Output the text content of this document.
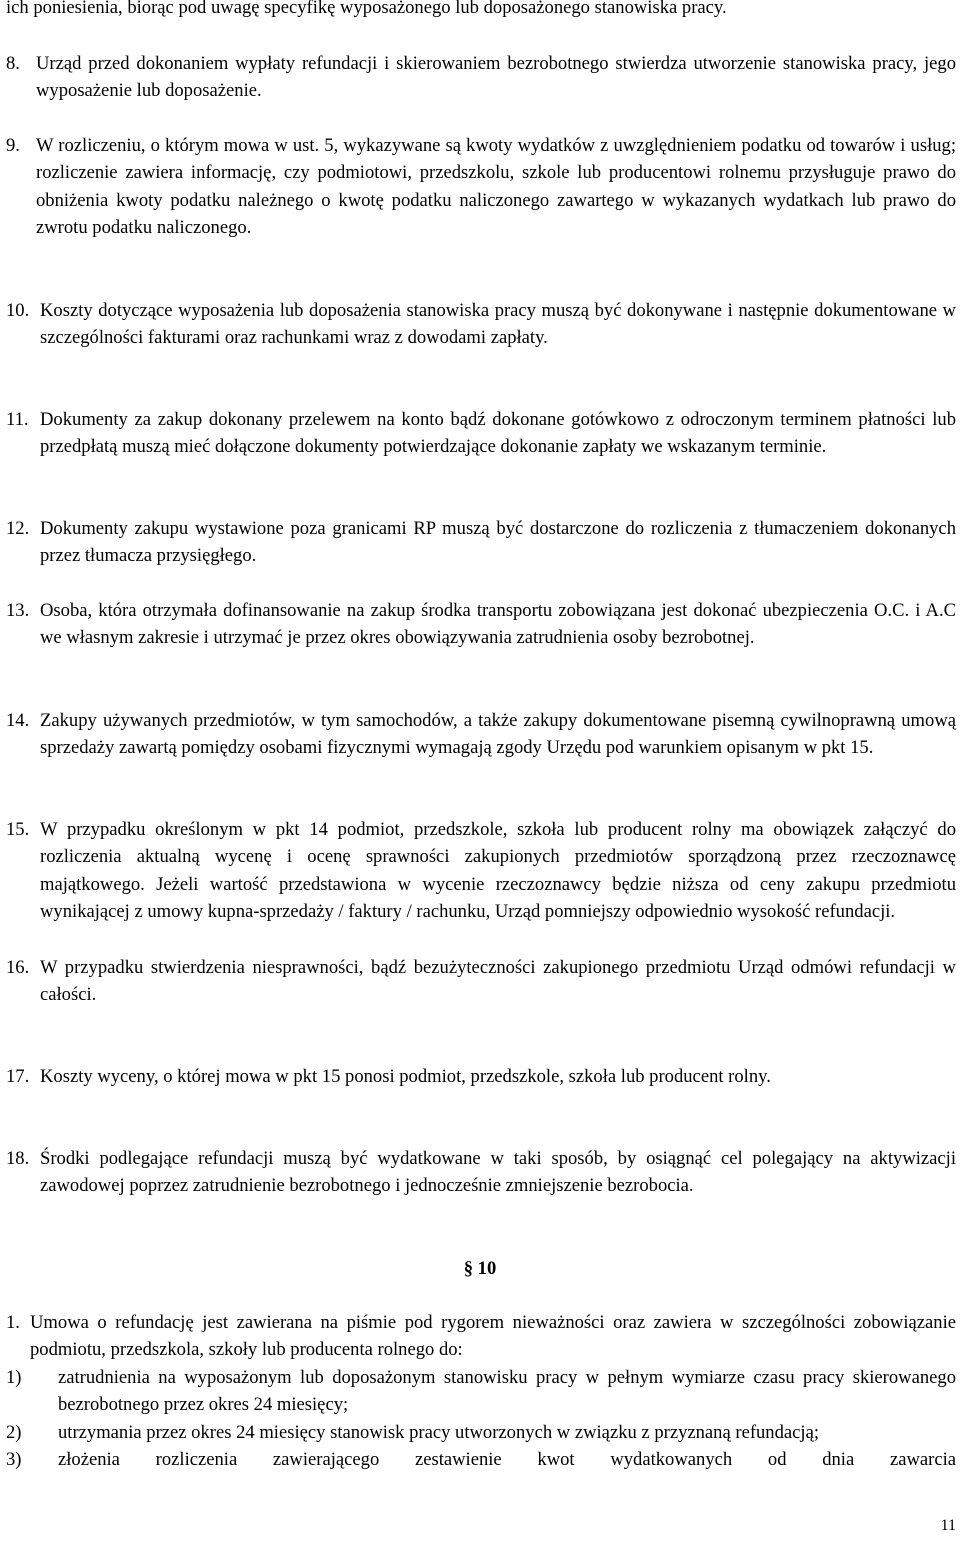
ich poniesienia, biorąc pod uwagę specyfikę wyposażonego lub doposażonego stanowiska pracy.
8. Urząd przed dokonaniem wypłaty refundacji i skierowaniem bezrobotnego stwierdza utworzenie stanowiska pracy, jego wyposażenie lub doposażenie.
9. W rozliczeniu, o którym mowa w ust. 5, wykazywane są kwoty wydatków z uwzględnieniem podatku od towarów i usług; rozliczenie zawiera informację, czy podmiotowi, przedszkolu, szkole lub producentowi rolnemu przysługuje prawo do obniżenia kwoty podatku należnego o kwotę podatku naliczonego zawartego w wykazanych wydatkach lub prawo do zwrotu podatku naliczonego.
10. Koszty dotyczące wyposażenia lub doposażenia stanowiska pracy muszą być dokonywane i następnie dokumentowane w szczególności fakturami oraz rachunkami wraz z dowodami zapłaty.
11. Dokumenty za zakup dokonany przelewem na konto bądź dokonane gotówkowo z odroczonym terminem płatności lub przedpłatą muszą mieć dołączone dokumenty potwierdzające dokonanie zapłaty we wskazanym terminie.
12. Dokumenty zakupu wystawione poza granicami RP muszą być dostarczone do rozliczenia z tłumaczeniem dokonanych przez tłumacza przysięgłego.
13. Osoba, która otrzymała dofinansowanie na zakup środka transportu zobowiązana jest dokonać ubezpieczenia O.C. i A.C we własnym zakresie i utrzymać je przez okres obowiązywania zatrudnienia osoby bezrobotnej.
14. Zakupy używanych przedmiotów, w tym samochodów, a także zakupy dokumentowane pisemną cywilnoprawną umową sprzedaży zawartą pomiędzy osobami fizycznymi wymagają zgody Urzędu pod warunkiem opisanym w pkt 15.
15. W przypadku określonym w pkt 14 podmiot, przedszkole, szkoła lub producent rolny ma obowiązek załączyć do rozliczenia aktualną wycenę i ocenę sprawności zakupionych przedmiotów sporządzoną przez rzeczoznawcę majątkowego. Jeżeli wartość przedstawiona w wycenie rzeczoznawcy będzie niższa od ceny zakupu przedmiotu wynikającej z umowy kupna-sprzedaży / faktury / rachunku, Urząd pomniejszy odpowiednio wysokość refundacji.
16. W przypadku stwierdzenia niesprawności, bądź bezużyteczności zakupionego przedmiotu Urząd odmówi refundacji w całości.
17. Koszty wyceny, o której mowa w pkt 15 ponosi podmiot, przedszkole, szkoła lub producent rolny.
18. Środki podlegające refundacji muszą być wydatkowane w taki sposób, by osiągnąć cel polegający na aktywizacji zawodowej poprzez zatrudnienie bezrobotnego i jednocześnie zmniejszenie bezrobocia.
§ 10
1. Umowa o refundację jest zawierana na piśmie pod rygorem nieważności oraz zawiera w szczególności zobowiązanie podmiotu, przedszkola, szkoły lub producenta rolnego do:
1)	zatrudnienia na wyposażonym lub doposażonym stanowisku pracy w pełnym wymiarze czasu pracy skierowanego bezrobotnego przez okres 24 miesięcy;
2)	utrzymania przez okres 24 miesięcy stanowisk pracy utworzonych w związku z przyznaną refundacją;
3)	złożenia rozliczenia zawierającego zestawienie kwot wydatkowanych od dnia zawarcia
11
